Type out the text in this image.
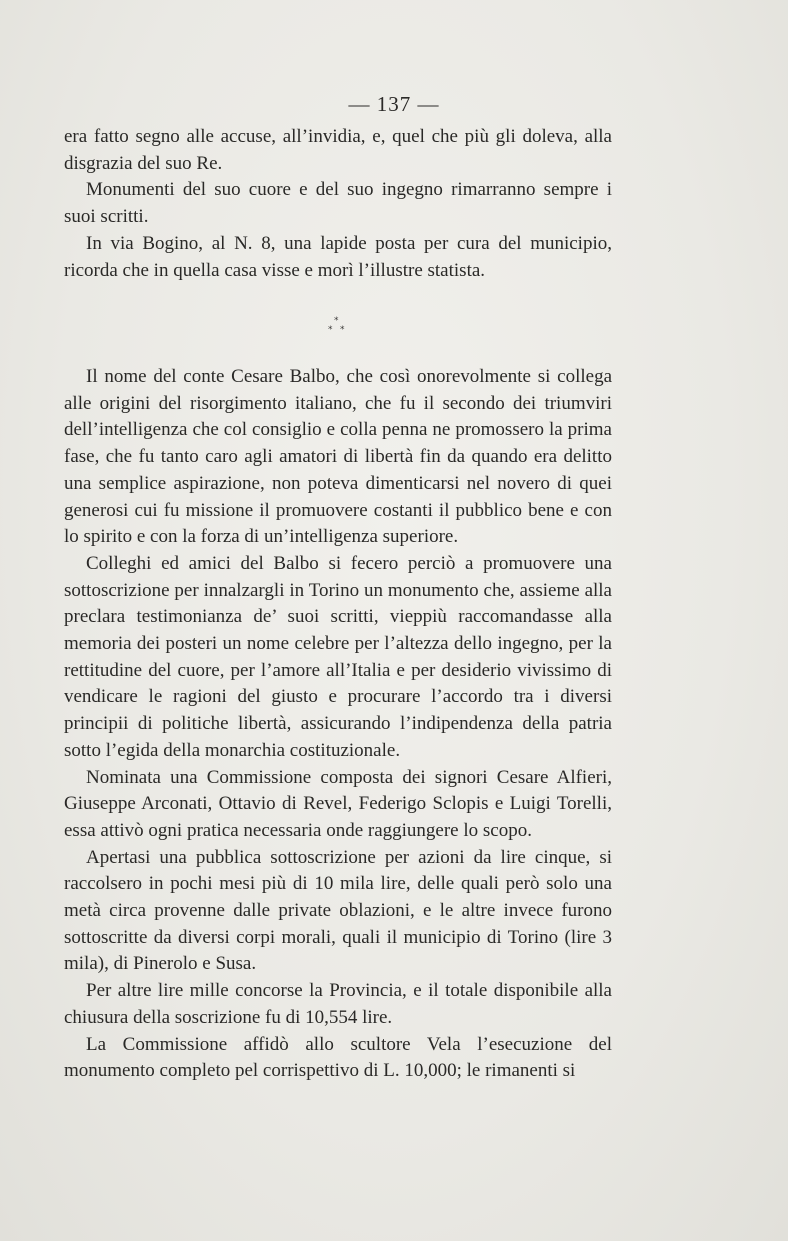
— 137 —

era fatto segno alle accuse, all’invidia, e, quel che più gli doleva, alla disgrazia del suo Re.

Monumenti del suo cuore e del suo ingegno rimarranno sempre i suoi scritti.

In via Bogino, al N. 8, una lapide posta per cura del municipio, ricorda che in quella casa visse e morì l’illustre statista.

*
* *

Il nome del conte Cesare Balbo, che così onorevolmente si collega alle origini del risorgimento italiano, che fu il secondo dei triumviri dell’intelligenza che col consiglio e colla penna ne promossero la prima fase, che fu tanto caro agli amatori di libertà fin da quando era delitto una semplice aspirazione, non poteva dimenticarsi nel novero di quei generosi cui fu missione il promuovere costanti il pubblico bene e con lo spirito e con la forza di un’intelligenza superiore.

Colleghi ed amici del Balbo si fecero perciò a promuovere una sottoscrizione per innalzargli in Torino un monumento che, assieme alla preclara testimonianza de’ suoi scritti, vieppiù raccomandasse alla memoria dei posteri un nome celebre per l’altezza dello ingegno, per la rettitudine del cuore, per l’amore all’Italia e per desiderio vivissimo di vendicare le ragioni del giusto e procurare l’accordo tra i diversi principii di politiche libertà, assicurando l’indipendenza della patria sotto l’egida della monarchia costituzionale.

Nominata una Commissione composta dei signori Cesare Alfieri, Giuseppe Arconati, Ottavio di Revel, Federigo Sclopis e Luigi Torelli, essa attivò ogni pratica necessaria onde raggiungere lo scopo.

Apertasi una pubblica sottoscrizione per azioni da lire cinque, si raccolsero in pochi mesi più di 10 mila lire, delle quali però solo una metà circa provenne dalle private oblazioni, e le altre invece furono sottoscritte da diversi corpi morali, quali il municipio di Torino (lire 3 mila), di Pinerolo e Susa.

Per altre lire mille concorse la Provincia, e il totale disponibile alla chiusura della soscrizione fu di 10,554 lire.

La Commissione affidò allo scultore Vela l’esecuzione del monumento completo pel corrispettivo di L. 10,000; le rimanenti si
